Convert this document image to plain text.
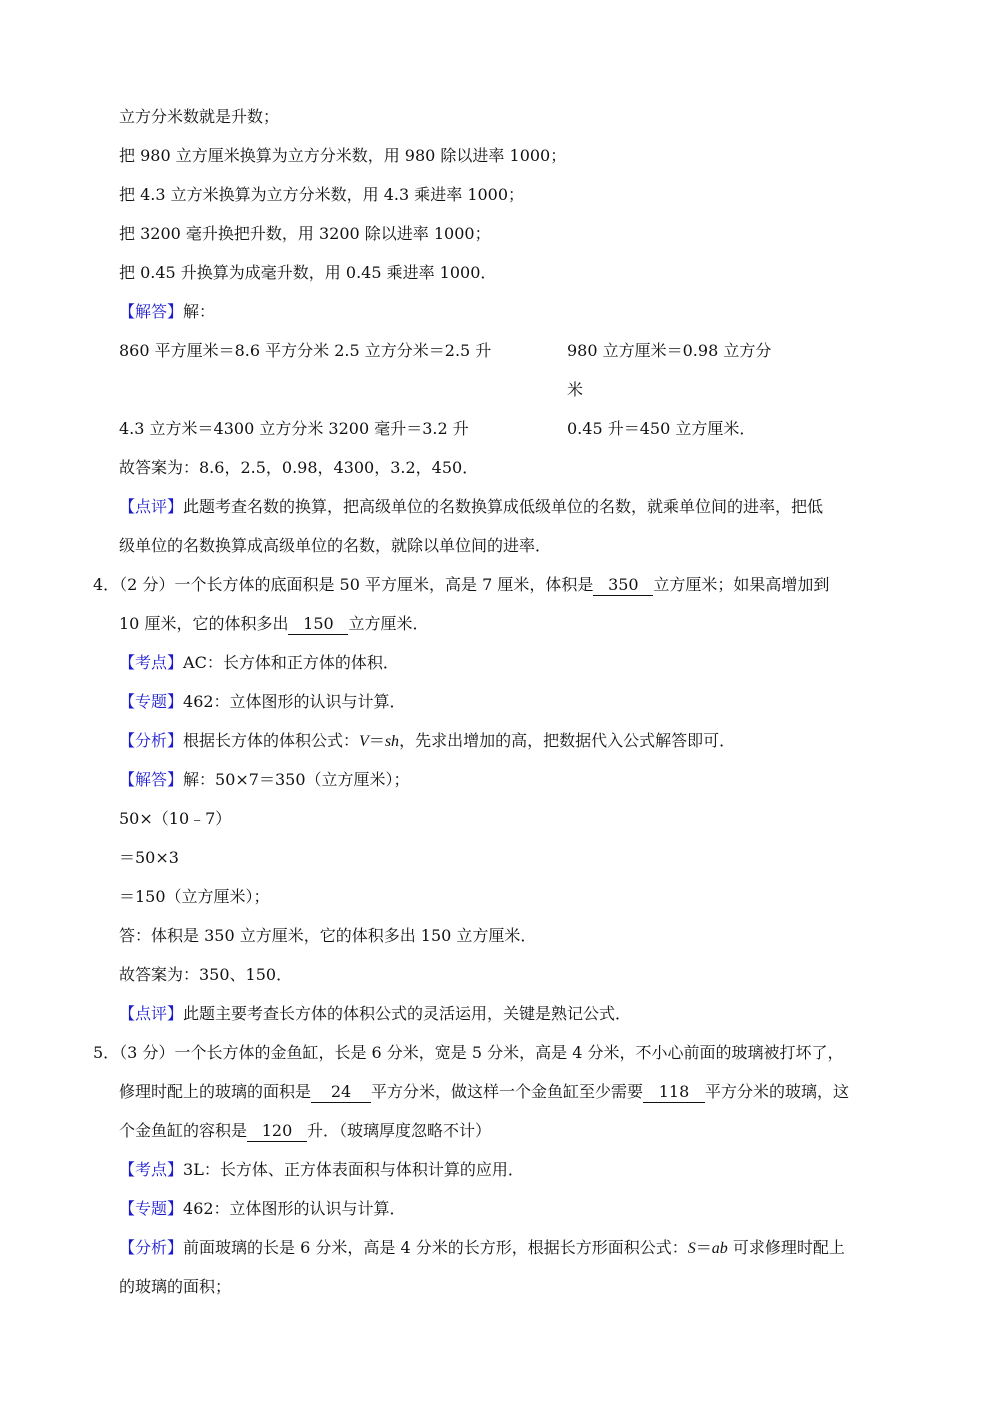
立方分米数就是升数；
把 980 立方厘米换算为立方分米数，用 980 除以进率 1000；
把 4.3 立方米换算为立方分米数，用 4.3 乘进率 1000；
把 3200 毫升换把升数，用 3200 除以进率 1000；
把 0.45 升换算为成毫升数，用 0.45 乘进率 1000．
【解答】解：
860 平方厘米＝8.6 平方分米 2.5 立方分米＝2.5 升	980 立方厘米＝0.98 立方分
米
4.3 立方米＝4300 立方分米 3200 毫升＝3.2 升	0.45 升＝450 立方厘米．
故答案为：8.6，2.5，0.98，4300，3.2，450．
【点评】此题考查名数的换算，把高级单位的名数换算成低级单位的名数，就乘单位间的进率，把低
级单位的名数换算成高级单位的名数，就除以单位间的进率．
4．（2 分）一个长方体的底面积是 50 平方厘米，高是 7 厘米，体积是 350 立方厘米；如果高增加到
10 厘米，它的体积多出 150 立方厘米．
【考点】AC：长方体和正方体的体积．
【专题】462：立体图形的认识与计算．
【分析】根据长方体的体积公式：V＝sh，先求出增加的高，把数据代入公式解答即可．
【解答】解：50×7＝350（立方厘米）；
50×（10﹣7）
＝50×3
＝150（立方厘米）；
答：体积是 350 立方厘米，它的体积多出 150 立方厘米．
故答案为：350、150．
【点评】此题主要考查长方体的体积公式的灵活运用，关键是熟记公式．
5．（3 分）一个长方体的金鱼缸，长是 6 分米，宽是 5 分米，高是 4 分米，不小心前面的玻璃被打坏了，
修理时配上的玻璃的面积是 24 平方分米，做这样一个金鱼缸至少需要 118 平方分米的玻璃，这
个金鱼缸的容积是 120 升．（玻璃厚度忽略不计）
【考点】3L：长方体、正方体表面积与体积计算的应用．
【专题】462：立体图形的认识与计算．
【分析】前面玻璃的长是 6 分米，高是 4 分米的长方形，根据长方形面积公式：S＝ab 可求修理时配上
的玻璃的面积；
